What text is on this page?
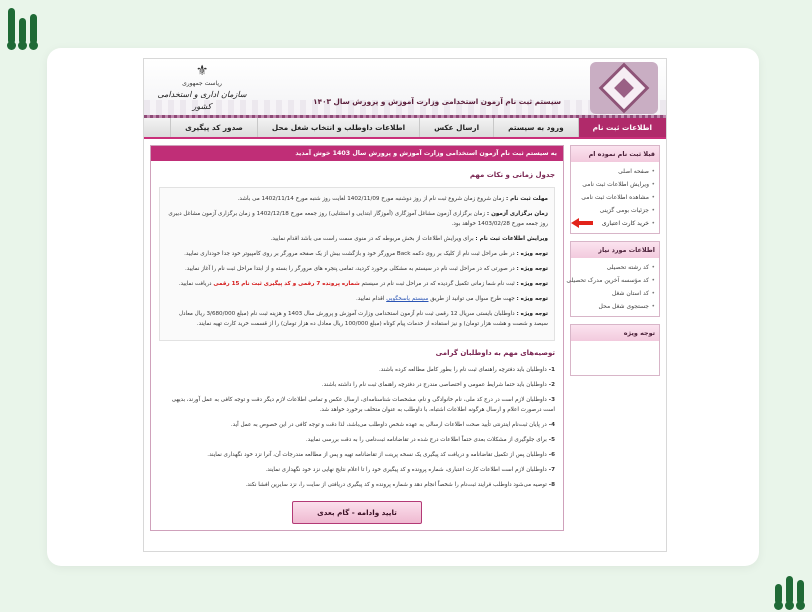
سیستم ثبت نام آزمون استخدامی وزارت آموزش و پرورش سال ۱۴۰۳
⚜
ریاست جمهوری
سازمان اداری و استخدامی کشور
اطلاعات ثبت نام
ورود به سیستم
ارسال عکس
اطلاعات داوطلب و انتخاب شغل محل
صدور کد پیگیری
قبلا ثبت نام نموده ام
• صفحه اصلی
• ویرایش اطلاعات ثبت نامی
• مشاهده اطلاعات ثبت نامی
• جزئیات بومی گزینی
• خرید کارت اعتباری
اطلاعات مورد نیاز
• کد رشته تحصیلی
• کد مؤسسه آخرین مدرک تحصیلی
• کد استان شغل
• جستجوی شغل محل
توجه ویژه
به سیستم ثبت نام آزمون استخدامی وزارت آموزش و پرورش سال 1403 خوش آمدید
جدول زمانی و نکات مهم

مهلت ثبت نام : زمان شروع زمان شروع ثبت نام از روز دوشنبه مورخ 1402/11/09 لغایت روز شنبه مورخ 1402/11/14 می باشد.

زمان برگزاری آزمون : زمان برگزاری آزمون مشاغل آموزگاری (آموزگار ابتدایی و استثنایی) روز جمعه مورخ 1402/12/18 و زمان برگزاری آزمون مشاغل دبیری روز جمعه مورخ 1403/02/28 خواهد بود.

ویرایش اطلاعات ثبت نام : برای ویرایش اطلاعات از بخش مربوطه که در منوی سمت راست می باشد اقدام نمایید.

توجه ویژه : در طی مراحل ثبت نام از کلیک بر روی دکمه Back مرورگر خود و بازگشت بیش از یک صفحه مرورگر بر روی کامپیوتر خود جدا خودداری نمایید.

توجه ویژه : در صورتی که در مراحل ثبت نام در سیستم به مشکلی برخورد کردید، تمامی پنجره های مرورگر را بسته و از ابتدا مراحل ثبت نام را آغاز نمایید.

توجه ویژه : ثبت نام شما زمانی تکمیل گردیده که در مراحل ثبت نام در سیستم شماره پرونده 7 رقمی و کد پیگیری ثبت نام 15 رقمی دریافت نمایید.

توجه ویژه : جهت طرح سوال می توانید از طریق سیستم پاسخگویی اقدام نمایید.

توجه ویژه : داوطلبان بایستی سریال 12 رقمی ثبت نام آزمون استخدامی وزارت آموزش و پرورش سال 1403 و هزینه ثبت نام (مبلغ 3/680/000 ریال معادل سیصد و شصت و هشت هزار تومان) و نیز استفاده از خدمات پیام کوتاه (مبلغ 100/000 ریال معادل ده هزار تومان) را از قسمت خرید کارت تهیه نمایند.

توصیه‌های مهم به داوطلبان گرامی
1-داوطلبان باید دفترچه راهنمای ثبت نام را بطور کامل مطالعه کرده باشند.
2-داوطلبان باید حتما شرایط عمومی و اختصاصی مندرج در دفترچه راهنمای ثبت نام را داشته باشند.
3-داوطلبان لازم است در درج کد ملی، نام خانوادگی و نام، مشخصات شناسنامه‌ای، ارسال عکس و تمامی اطلاعات لازم دیگر دقت و توجه کافی به عمل آورند، بدیهی است درصورت اعلام و ارسال هرگونه اطلاعات اشتباه، با داوطلب به عنوان متخلف برخورد خواهد شد.
4-در پایان ثبت‌نام اینترنتی تأیید صحت اطلاعات ارسالی به عهده شخص داوطلب می‌باشد، لذا دقت و توجه کافی در این خصوص به عمل آید.
5-برای جلوگیری از مشکلات بعدی حتماً اطلاعات درج شده در تقاضانامه ثبت‌نامی را به دقت بررسی نمایید.
6-داوطلبان پس از تکمیل تقاضانامه و دریافت کد پیگیری یک نسخه پرینت از تقاضانامه تهیه و پس از مطالعه مندرجات آن، آنرا نزد خود نگهداری نمایند.
7-داوطلبان لازم است اطلاعات کارت اعتباری، شماره پرونده و کد پیگیری خود را تا اعلام نتایج نهایی نزد خود نگهداری نمایند.
8-توصیه می‌شود داوطلب فرایند ثبت‌نام را شخصاً انجام دهد و شماره پرونده و کد پیگیری دریافتی از سایت را، نزد سایرین افشا نکند.
تایید وادامه - گام بعدی
